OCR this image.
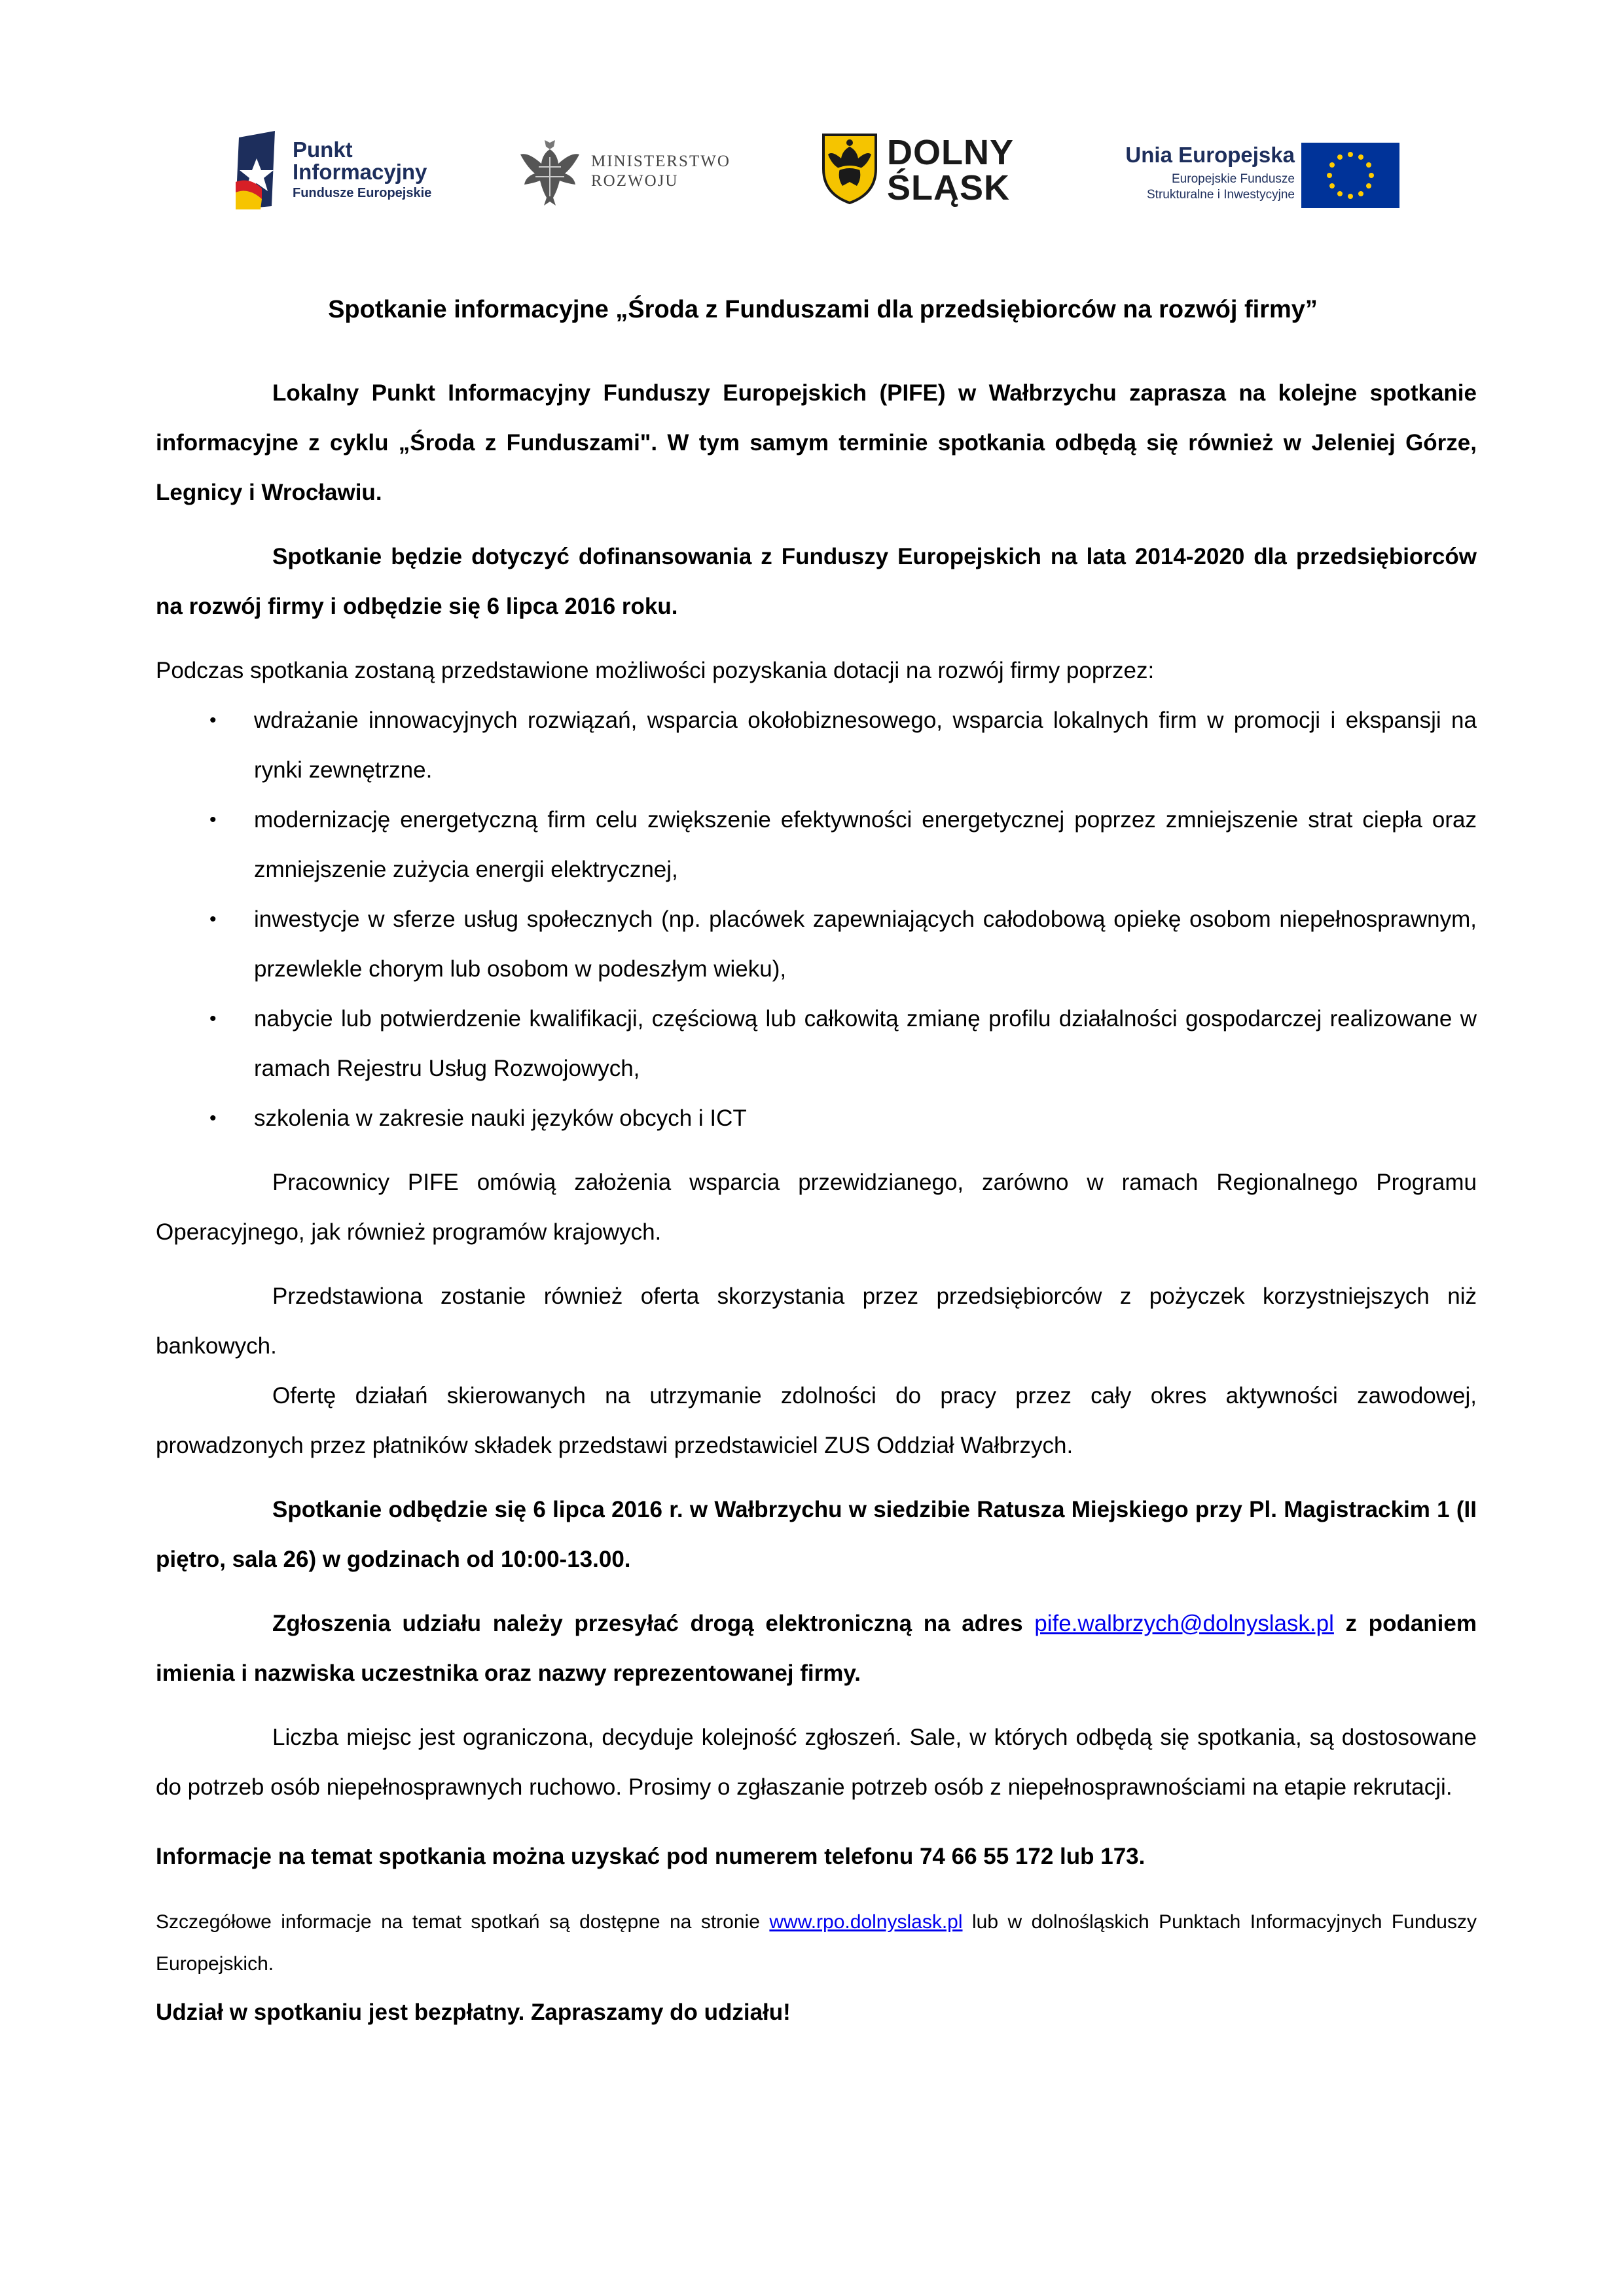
Punkt
Informacyjny
Fundusze Europejskie
MINISTERSTWO
ROZWOJU
DOLNY
ŚLĄSK
Unia Europejska
Europejskie Fundusze
Strukturalne i Inwestycyjne
Spotkanie informacyjne „Środa z Funduszami dla przedsiębiorców na rozwój firmy”

Lokalny Punkt Informacyjny Funduszy Europejskich (PIFE) w Wałbrzychu zaprasza na kolejne spotkanie informacyjne z cyklu „Środa z Funduszami". W tym samym terminie spotkania odbędą się również w Jeleniej Górze, Legnicy i Wrocławiu.

Spotkanie będzie dotyczyć dofinansowania z Funduszy Europejskich na lata 2014-2020 dla przedsiębiorców na rozwój firmy i odbędzie się 6 lipca 2016 roku.

Podczas spotkania zostaną przedstawione możliwości pozyskania dotacji na rozwój firmy poprzez:

• wdrażanie innowacyjnych rozwiązań, wsparcia okołobiznesowego, wsparcia lokalnych firm w promocji i ekspansji na rynki zewnętrzne.
• modernizację energetyczną firm celu zwiększenie efektywności energetycznej poprzez zmniejszenie strat ciepła oraz zmniejszenie zużycia energii elektrycznej,
• inwestycje w sferze usług społecznych (np. placówek zapewniających całodobową opiekę osobom niepełnosprawnym, przewlekle chorym lub osobom w podeszłym wieku),
• nabycie lub potwierdzenie kwalifikacji, częściową lub całkowitą zmianę profilu działalności gospodarczej realizowane w ramach Rejestru Usług Rozwojowych,
• szkolenia w zakresie nauki języków obcych i ICT

Pracownicy PIFE omówią założenia wsparcia przewidzianego, zarówno w ramach Regionalnego Programu Operacyjnego, jak również programów krajowych.

Przedstawiona zostanie również oferta skorzystania przez przedsiębiorców z pożyczek korzystniejszych niż bankowych.

Ofertę działań skierowanych na utrzymanie zdolności do pracy przez cały okres aktywności zawodowej, prowadzonych przez płatników składek przedstawi przedstawiciel ZUS Oddział Wałbrzych.

Spotkanie odbędzie się 6 lipca 2016 r. w Wałbrzychu w siedzibie Ratusza Miejskiego przy Pl. Magistrackim 1 (II piętro, sala 26) w godzinach od 10:00-13.00.

Zgłoszenia udziału należy przesyłać drogą elektroniczną na adres pife.walbrzych@dolnyslask.pl z podaniem imienia i nazwiska uczestnika oraz nazwy reprezentowanej firmy.

Liczba miejsc jest ograniczona, decyduje kolejność zgłoszeń. Sale, w których odbędą się spotkania, są dostosowane do potrzeb osób niepełnosprawnych ruchowo. Prosimy o zgłaszanie potrzeb osób z niepełnosprawnościami na etapie rekrutacji.

Informacje na temat spotkania można uzyskać pod numerem telefonu 74 66 55 172 lub 173.

Szczegółowe informacje na temat spotkań są dostępne na stronie www.rpo.dolnyslask.pl lub w dolnośląskich Punktach Informacyjnych Funduszy Europejskich.

Udział w spotkaniu jest bezpłatny. Zapraszamy do udziału!
